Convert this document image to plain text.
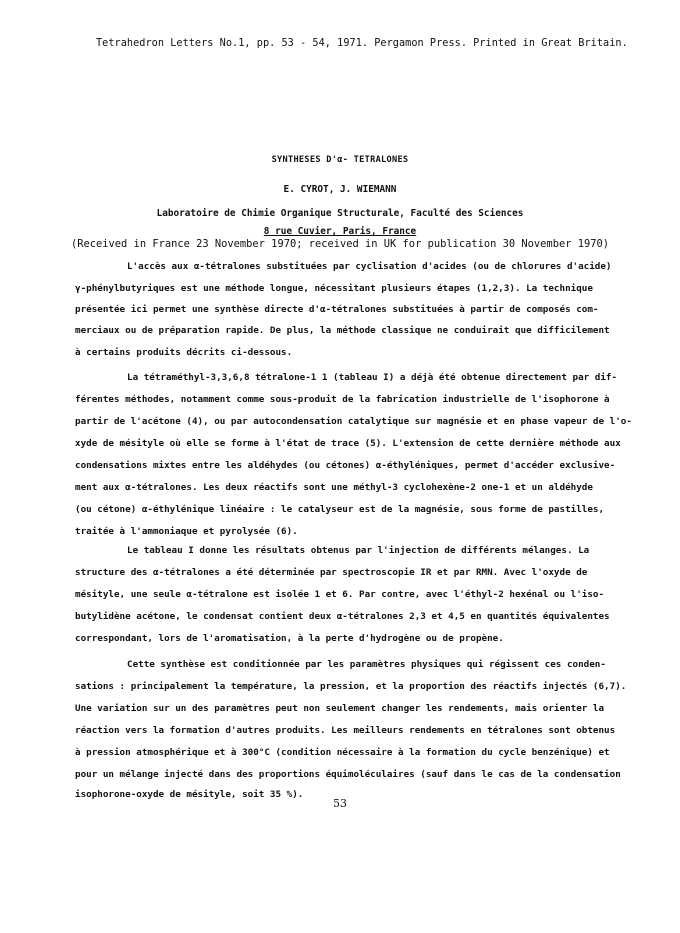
Tetrahedron Letters No.1, pp. 53 - 54, 1971. Pergamon Press. Printed in Great Britain.
SYNTHESES D'α- TETRALONES
E. CYROT, J. WIEMANN
Laboratoire de Chimie Organique Structurale, Faculté des Sciences
8 rue Cuvier, Paris, France
(Received in France 23 November 1970; received in UK for publication 30 November 1970)
L'accès aux α-tétralones substituées par cyclisation d'acides (ou de chlorures d'acide)
γ-phénylbutyriques est une méthode longue, nécessitant plusieurs étapes (1,2,3). La technique
présentée ici permet une synthèse directe d'α-tétralones substituées à partir de composés com-
merciaux ou de préparation rapide. De plus, la méthode classique ne conduirait que difficilement
à certains produits décrits ci-dessous.
La tétraméthyl-3,3,6,8 tétralone-1 1 (tableau I) a déjà été obtenue directement par dif-
férentes méthodes, notamment comme sous-produit de la fabrication industrielle de l'isophorone à
partir de l'acétone (4), ou par autocondensation catalytique sur magnésie et en phase vapeur de l'o-
xyde de mésityle où elle se forme à l'état de trace (5). L'extension de cette dernière méthode aux
condensations mixtes entre les aldéhydes (ou cétones) α-éthyléniques, permet d'accéder exclusive-
ment aux α-tétralones. Les deux réactifs sont une méthyl-3 cyclohexène-2 one-1 et un aldéhyde
(ou cétone) α-éthylénique linéaire : le catalyseur est de la magnésie, sous forme de pastilles,
traitée à l'ammoniaque et pyrolysée (6).
Le tableau I donne les résultats obtenus par l'injection de différents mélanges. La
structure des α-tétralones a été déterminée par spectroscopie IR et par RMN. Avec l'oxyde de
mésityle, une seule α-tétralone est isolée 1 et 6. Par contre, avec l'éthyl-2 hexénal ou l'iso-
butylidène acétone, le condensat contient deux α-tétralones 2,3 et 4,5 en quantités équivalentes
correspondant, lors de l'aromatisation, à la perte d'hydrogène ou de propène.
Cette synthèse est conditionnée par les paramètres physiques qui régissent ces conden-
sations : principalement la température, la pression, et la proportion des réactifs injectés (6,7).
Une variation sur un des paramètres peut non seulement changer les rendements, mais orienter la
réaction vers la formation d'autres produits. Les meilleurs rendements en tétralones sont obtenus
à pression atmosphérique et à 300°C (condition nécessaire à la formation du cycle benzénique) et
pour un mélange injecté dans des proportions équimoléculaires (sauf dans le cas de la condensation
isophorone-oxyde de mésityle, soit 35 %).
53
